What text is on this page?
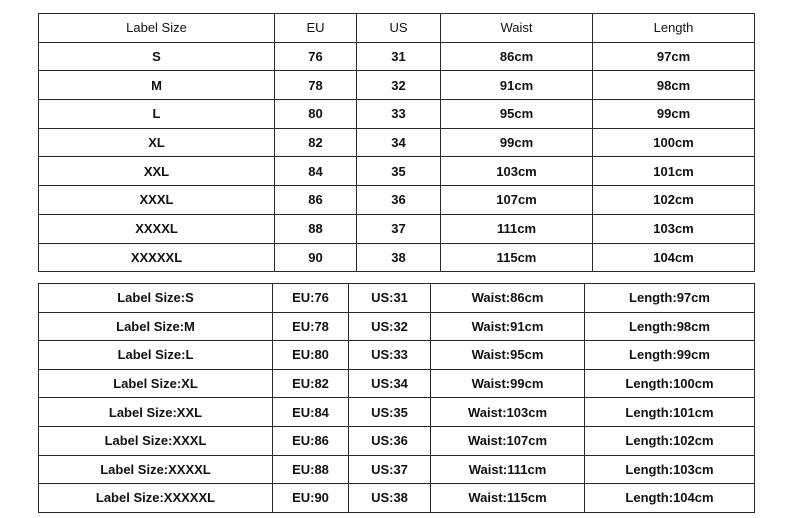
Label Size	EU	US	Waist	Length
S	76	31	86cm	97cm
M	78	32	91cm	98cm
L	80	33	95cm	99cm
XL	82	34	99cm	100cm
XXL	84	35	103cm	101cm
XXXL	86	36	107cm	102cm
XXXXL	88	37	111cm	103cm
XXXXXL	90	38	115cm	104cm
Label Size:S	EU:76	US:31	Waist:86cm	Length:97cm
Label Size:M	EU:78	US:32	Waist:91cm	Length:98cm
Label Size:L	EU:80	US:33	Waist:95cm	Length:99cm
Label Size:XL	EU:82	US:34	Waist:99cm	Length:100cm
Label Size:XXL	EU:84	US:35	Waist:103cm	Length:101cm
Label Size:XXXL	EU:86	US:36	Waist:107cm	Length:102cm
Label Size:XXXXL	EU:88	US:37	Waist:111cm	Length:103cm
Label Size:XXXXXL	EU:90	US:38	Waist:115cm	Length:104cm
